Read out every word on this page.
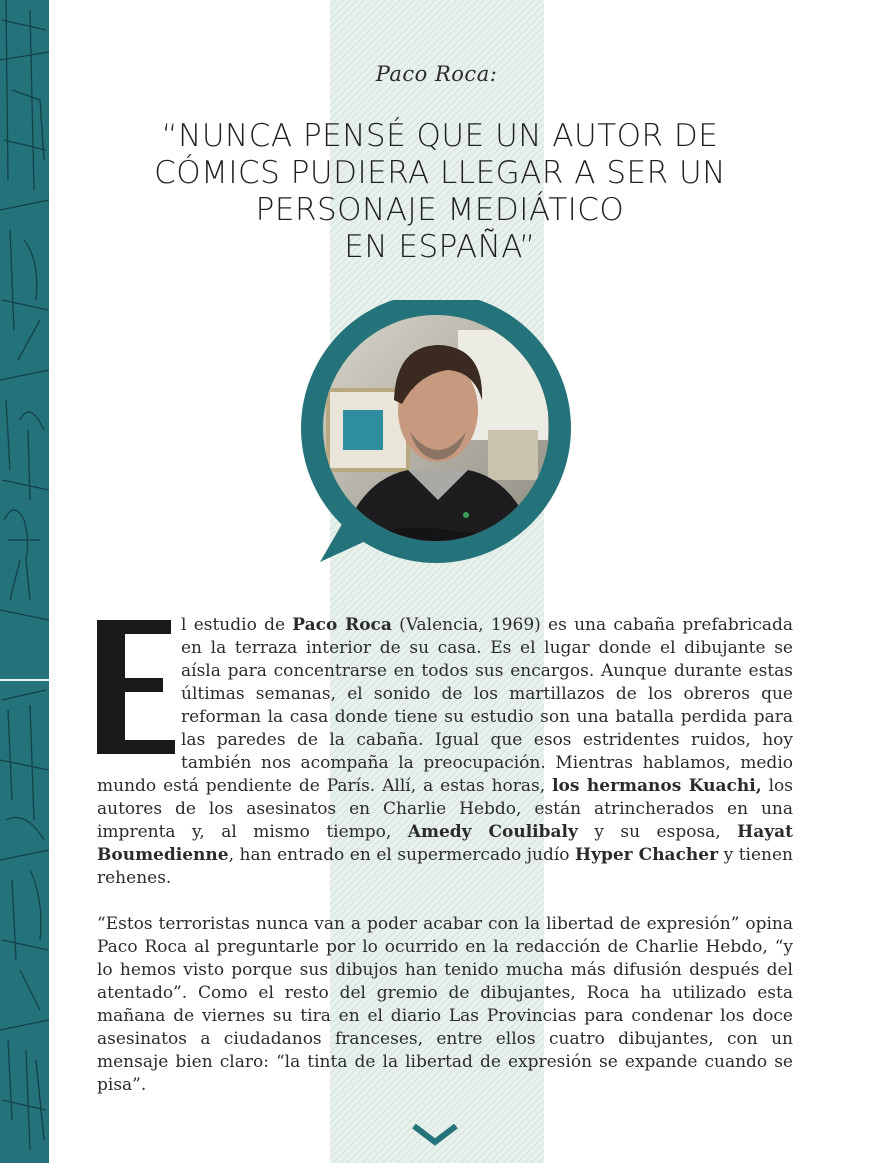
Paco Roca:
“NUNCA PENSÉ QUE UN AUTOR DE
CÓMICS PUDIERA LLEGAR A SER UN
PERSONAJE MEDIÁTICO
EN ESPAÑA”

l estudio de Paco Roca (Valencia, 1969) es una cabaña prefabricada en la terraza interior de su casa. Es el lugar donde el dibujante se aísla para concentrarse en todos sus encargos. Aunque durante estas últimas semanas, el sonido de los martillazos de los obreros que reforman la casa donde tiene su estudio son una batalla perdida para las paredes de la cabaña. Igual que esos estridentes ruidos, hoy también nos acompaña la preocupación. Mientras hablamos, medio mundo está pendiente de París. Allí, a estas horas, los hermanos Kuachi, los autores de los asesinatos en Charlie Hebdo, están atrincherados en una imprenta y, al mismo tiempo, Amedy Coulibaly y su esposa, Hayat Boumedienne, han entrado en el supermercado judío Hyper Chacher y tienen rehenes.

“Estos terroristas nunca van a poder acabar con la libertad de expresión” opina Paco Roca al preguntarle por lo ocurrido en la redacción de Charlie Hebdo, “y lo hemos visto porque sus dibujos han tenido mucha más difusión después del atentado”. Como el resto del gremio de dibujantes, Roca ha utilizado esta mañana de viernes su tira en el diario Las Provincias para condenar los doce asesinatos a ciudadanos franceses, entre ellos cuatro dibujantes, con un mensaje bien claro: “la tinta de la libertad de expresión se expande cuando se pisa”.
